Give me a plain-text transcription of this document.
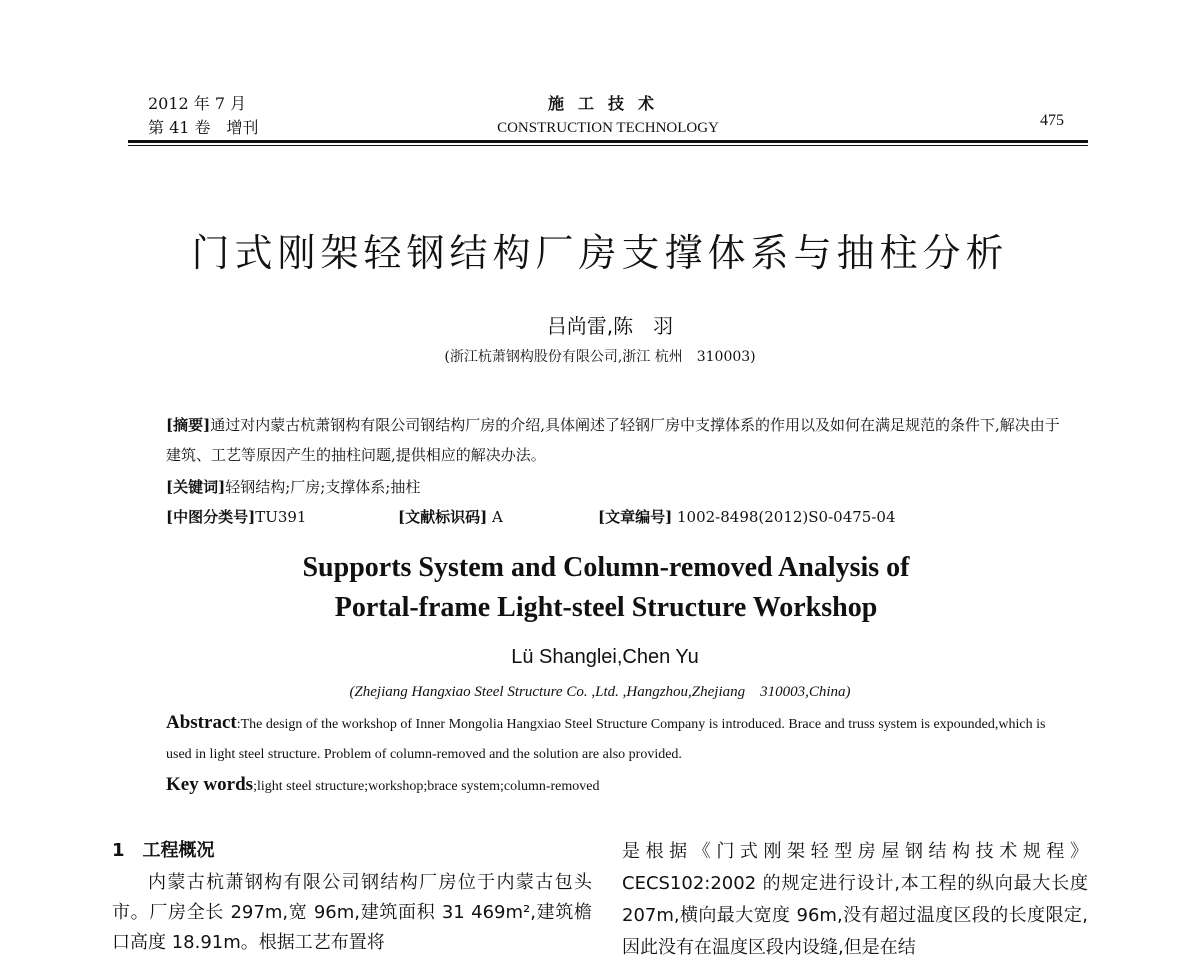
2012 年 7 月
第 41 卷　增刊
施工技术
CONSTRUCTION TECHNOLOGY	475
门式刚架轻钢结构厂房支撑体系与抽柱分析
吕尚雷,陈　羽
(浙江杭萧钢构股份有限公司,浙江 杭州　310003)
[摘要]通过对内蒙古杭萧钢构有限公司钢结构厂房的介绍,具体阐述了轻钢厂房中支撑体系的作用以及如何在满足规范的条件下,解决由于建筑、工艺等原因产生的抽柱问题,提供相应的解决办法。
[关键词]轻钢结构;厂房;支撑体系;抽柱
[中图分类号]TU391	[文献标识码] A	[文章编号] 1002-8498(2012)S0-0475-04
Supports System and Column-removed Analysis of
Portal-frame Light-steel Structure Workshop
Lü Shanglei,Chen Yu
(Zhejiang Hangxiao Steel Structure Co. ,Ltd. ,Hangzhou,Zhejiang　310003,China)
Abstract:The design of the workshop of Inner Mongolia Hangxiao Steel Structure Company is introduced. Brace and truss system is expounded,which is used in light steel structure. Problem of column-removed and the solution are also provided.
Key words;light steel structure;workshop;brace system;column-removed
1　工程概况
内蒙古杭萧钢构有限公司钢结构厂房位于内蒙古包头市。厂房全长 297m,宽 96m,建筑面积 31 469m²,建筑檐口高度 18.91m。根据工艺布置将
是根据《门式刚架轻型房屋钢结构技术规程》CECS102:2002 的规定进行设计,本工程的纵向最大长度 207m,横向最大宽度 96m,没有超过温度区段的长度限定,因此没有在温度区段内设缝,但是在结
